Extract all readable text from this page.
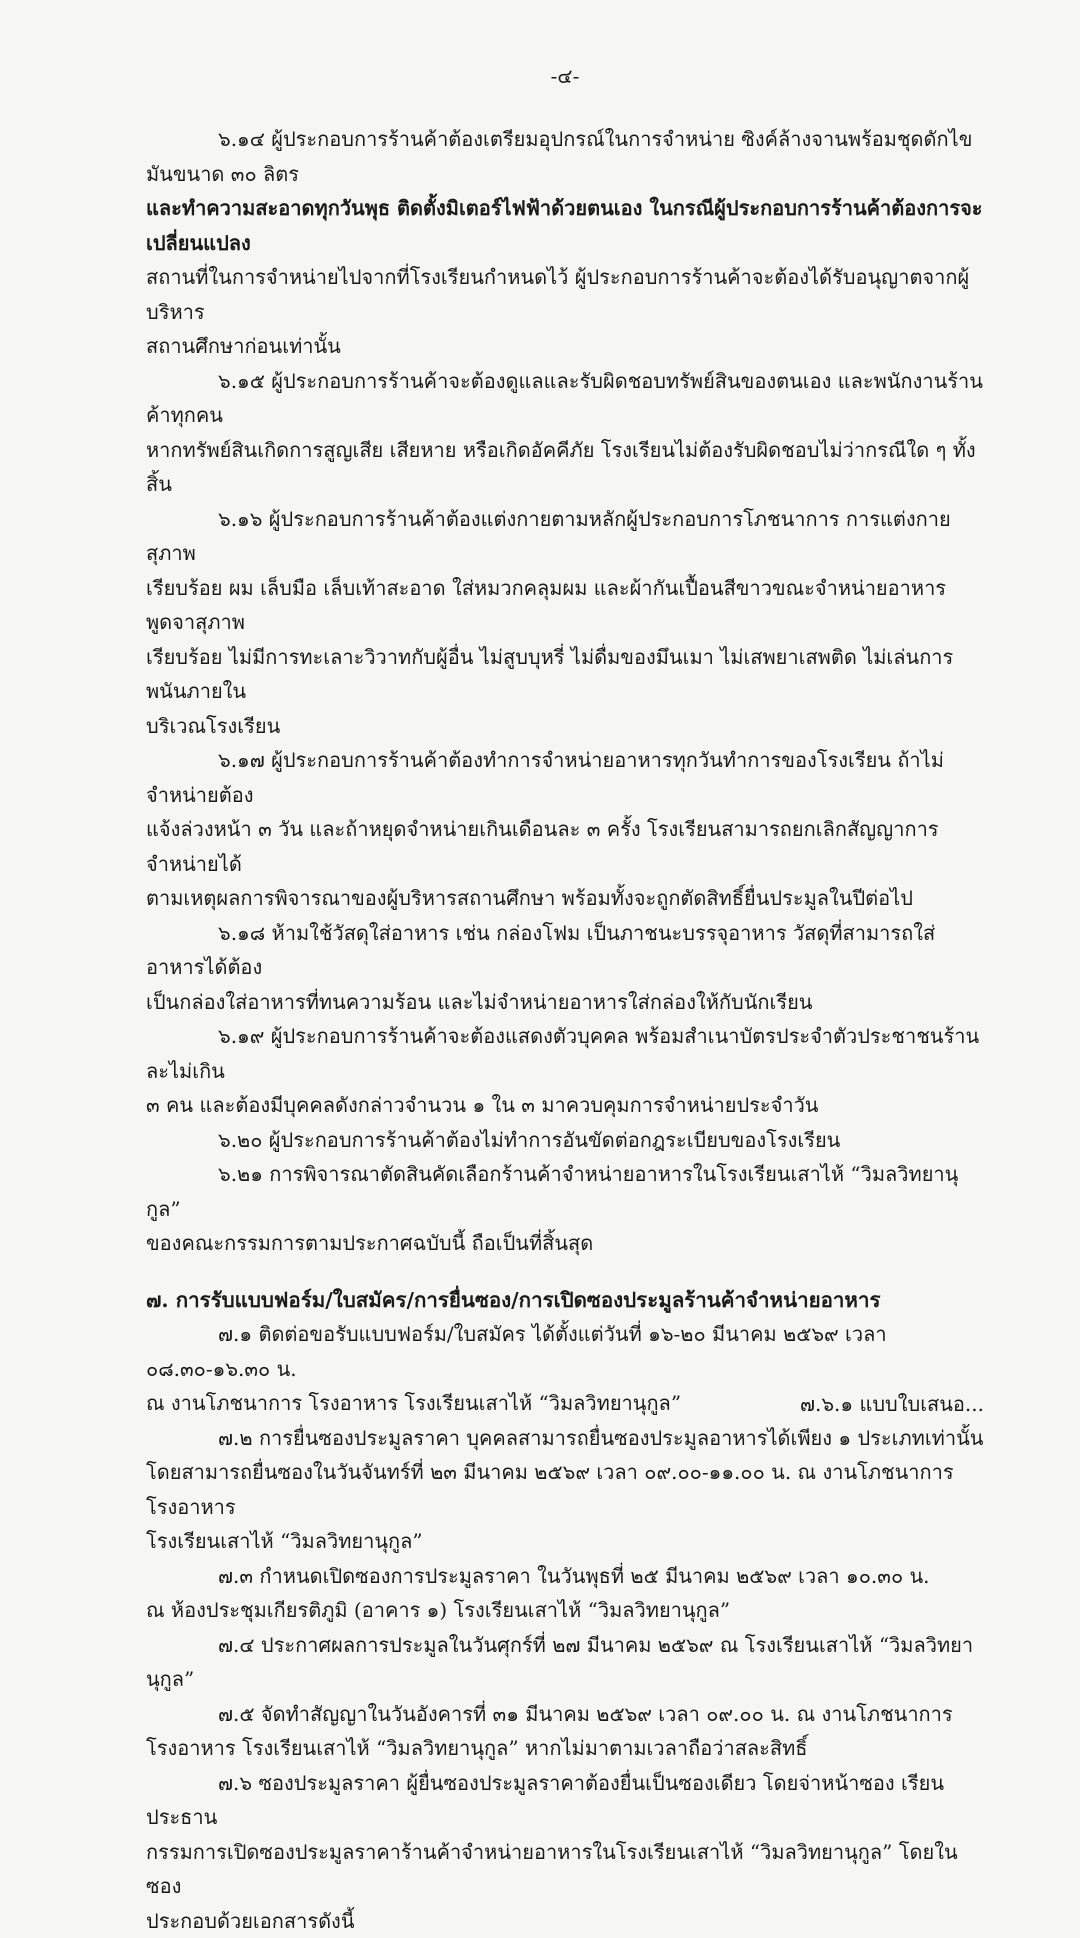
-๔-

๖.๑๔ ผู้ประกอบการร้านค้าต้องเตรียมอุปกรณ์ในการจำหน่าย ซิงค์ล้างจานพร้อมชุดดักไขมันขนาด ๓๐ ลิตร
และทำความสะอาดทุกวันพุธ ติดตั้งมิเตอร์ไฟฟ้าด้วยตนเอง ในกรณีผู้ประกอบการร้านค้าต้องการจะเปลี่ยนแปลง
สถานที่ในการจำหน่ายไปจากที่โรงเรียนกำหนดไว้ ผู้ประกอบการร้านค้าจะต้องได้รับอนุญาตจากผู้บริหาร
สถานศึกษาก่อนเท่านั้น

๖.๑๕ ผู้ประกอบการร้านค้าจะต้องดูแลและรับผิดชอบทรัพย์สินของตนเอง และพนักงานร้านค้าทุกคน
หากทรัพย์สินเกิดการสูญเสีย เสียหาย หรือเกิดอัคคีภัย โรงเรียนไม่ต้องรับผิดชอบไม่ว่ากรณีใด ๆ ทั้งสิ้น

๖.๑๖ ผู้ประกอบการร้านค้าต้องแต่งกายตามหลักผู้ประกอบการโภชนาการ การแต่งกายสุภาพ
เรียบร้อย ผม เล็บมือ เล็บเท้าสะอาด ใส่หมวกคลุมผม และผ้ากันเปื้อนสีขาวขณะจำหน่ายอาหาร พูดจาสุภาพ
เรียบร้อย ไม่มีการทะเลาะวิวาทกับผู้อื่น ไม่สูบบุหรี่ ไม่ดื่มของมึนเมา ไม่เสพยาเสพติด ไม่เล่นการพนันภายใน
บริเวณโรงเรียน

๖.๑๗ ผู้ประกอบการร้านค้าต้องทำการจำหน่ายอาหารทุกวันทำการของโรงเรียน ถ้าไม่จำหน่ายต้อง
แจ้งล่วงหน้า ๓ วัน และถ้าหยุดจำหน่ายเกินเดือนละ ๓ ครั้ง โรงเรียนสามารถยกเลิกสัญญาการจำหน่ายได้
ตามเหตุผลการพิจารณาของผู้บริหารสถานศึกษา พร้อมทั้งจะถูกตัดสิทธิ์ยื่นประมูลในปีต่อไป

๖.๑๘ ห้ามใช้วัสดุใส่อาหาร เช่น กล่องโฟม เป็นภาชนะบรรจุอาหาร วัสดุที่สามารถใส่อาหารได้ต้อง
เป็นกล่องใส่อาหารที่ทนความร้อน และไม่จำหน่ายอาหารใส่กล่องให้กับนักเรียน

๖.๑๙ ผู้ประกอบการร้านค้าจะต้องแสดงตัวบุคคล พร้อมสำเนาบัตรประจำตัวประชาชนร้านละไม่เกิน
๓ คน และต้องมีบุคคลดังกล่าวจำนวน ๑ ใน ๓ มาควบคุมการจำหน่ายประจำวัน

๖.๒๐ ผู้ประกอบการร้านค้าต้องไม่ทำการอันขัดต่อกฎระเบียบของโรงเรียน

๖.๒๑ การพิจารณาตัดสินคัดเลือกร้านค้าจำหน่ายอาหารในโรงเรียนเสาไห้ “วิมลวิทยานุกูล”
ของคณะกรรมการตามประกาศฉบับนี้ ถือเป็นที่สิ้นสุด

๗. การรับแบบฟอร์ม/ใบสมัคร/การยื่นซอง/การเปิดซองประมูลร้านค้าจำหน่ายอาหาร

๗.๑ ติดต่อขอรับแบบฟอร์ม/ใบสมัคร ได้ตั้งแต่วันที่ ๑๖-๒๐ มีนาคม ๒๕๖๙ เวลา ๐๘.๓๐-๑๖.๓๐ น.
ณ งานโภชนาการ โรงอาหาร โรงเรียนเสาไห้ “วิมลวิทยานุกูล”

๗.๒ การยื่นซองประมูลราคา บุคคลสามารถยื่นซองประมูลอาหารได้เพียง ๑ ประเภทเท่านั้น
โดยสามารถยื่นซองในวันจันทร์ที่ ๒๓ มีนาคม ๒๕๖๙ เวลา ๐๙.๐๐-๑๑.๐๐ น. ณ งานโภชนาการ โรงอาหาร
โรงเรียนเสาไห้ “วิมลวิทยานุกูล”

๗.๓ กำหนดเปิดซองการประมูลราคา ในวันพุธที่ ๒๕ มีนาคม ๒๕๖๙ เวลา ๑๐.๓๐ น.
ณ ห้องประชุมเกียรติภูมิ (อาคาร ๑) โรงเรียนเสาไห้ “วิมลวิทยานุกูล”

๗.๔ ประกาศผลการประมูลในวันศุกร์ที่ ๒๗ มีนาคม ๒๕๖๙ ณ โรงเรียนเสาไห้ “วิมลวิทยานุกูล”

๗.๕ จัดทำสัญญาในวันอังคารที่ ๓๑ มีนาคม ๒๕๖๙ เวลา ๐๙.๐๐ น. ณ งานโภชนาการ
โรงอาหาร โรงเรียนเสาไห้ “วิมลวิทยานุกูล” หากไม่มาตามเวลาถือว่าสละสิทธิ์

๗.๖ ซองประมูลราคา ผู้ยื่นซองประมูลราคาต้องยื่นเป็นซองเดียว โดยจ่าหน้าซอง เรียนประธาน
กรรมการเปิดซองประมูลราคาร้านค้าจำหน่ายอาหารในโรงเรียนเสาไห้ “วิมลวิทยานุกูล” โดยในซอง
ประกอบด้วยเอกสารดังนี้

๗.๖.๑ แบบใบเสนอ...
